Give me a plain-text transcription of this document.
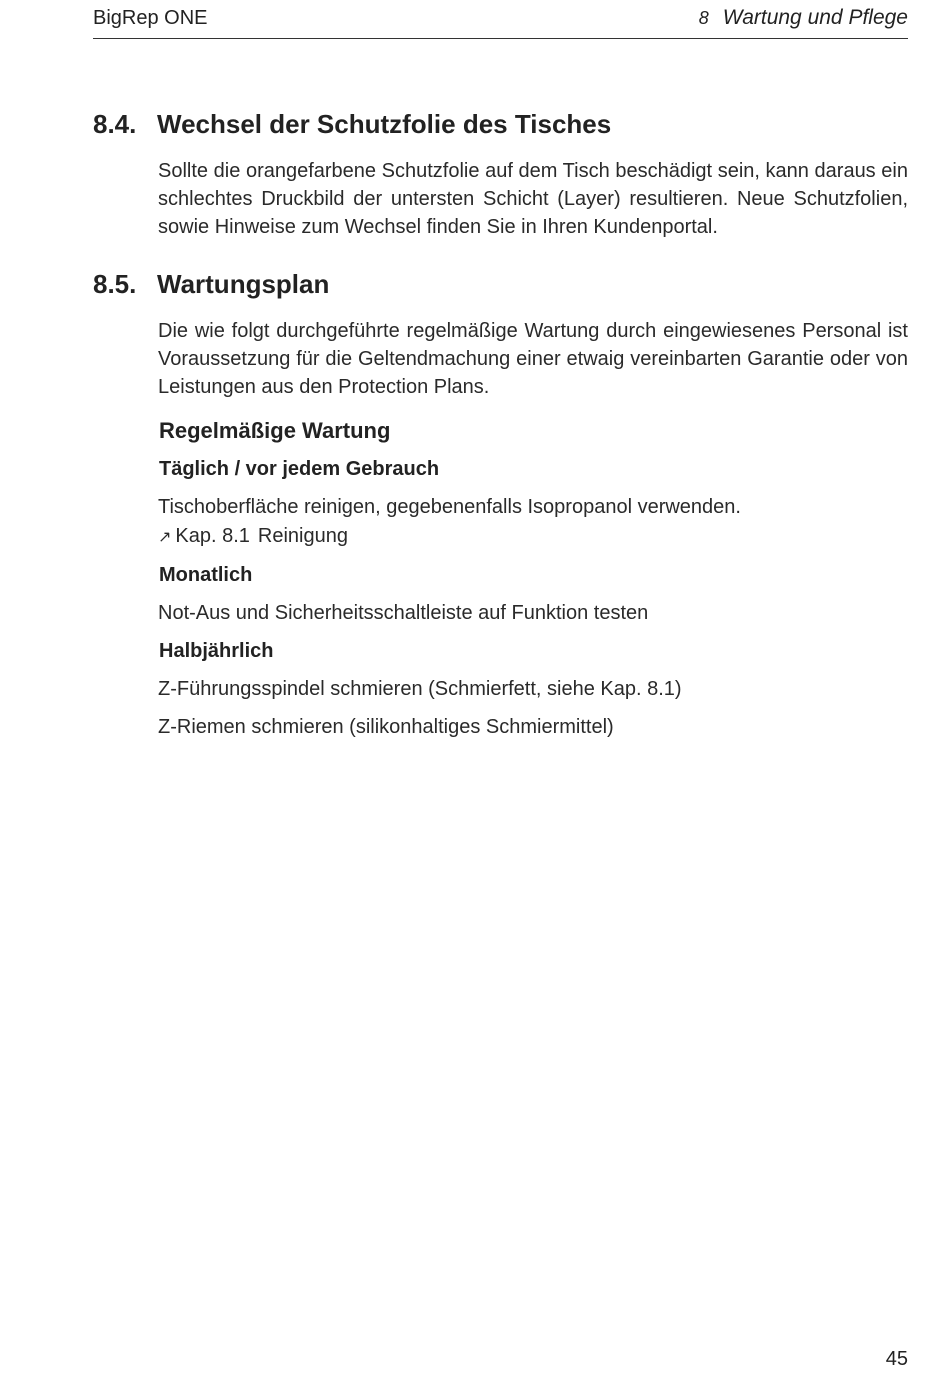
BigRep ONE	8 Wartung und Pflege
8.4. Wechsel der Schutzfolie des Tisches

Sollte die orangefarbene Schutzfolie auf dem Tisch beschädigt sein, kann daraus ein schlechtes Druckbild der untersten Schicht (Layer) resultieren. Neue Schutzfolien, sowie Hinweise zum Wechsel finden Sie in Ihren Kundenportal.

8.5. Wartungsplan

Die wie folgt durchgeführte regelmäßige Wartung durch eingewiesenes Personal ist Voraussetzung für die Geltendmachung einer etwaig vereinbarten Garantie oder von Leistungen aus den Protection Plans.

Regelmäßige Wartung
Täglich / vor jedem Gebrauch
Tischoberfläche reinigen, gegebenenfalls Isopropanol verwenden.
↗ Kap. 8.1 Reinigung
Monatlich
Not-Aus und Sicherheitsschaltleiste auf Funktion testen
Halbjährlich
Z-Führungsspindel schmieren (Schmierfett, siehe Kap. 8.1)
Z-Riemen schmieren (silikonhaltiges Schmiermittel)
45
